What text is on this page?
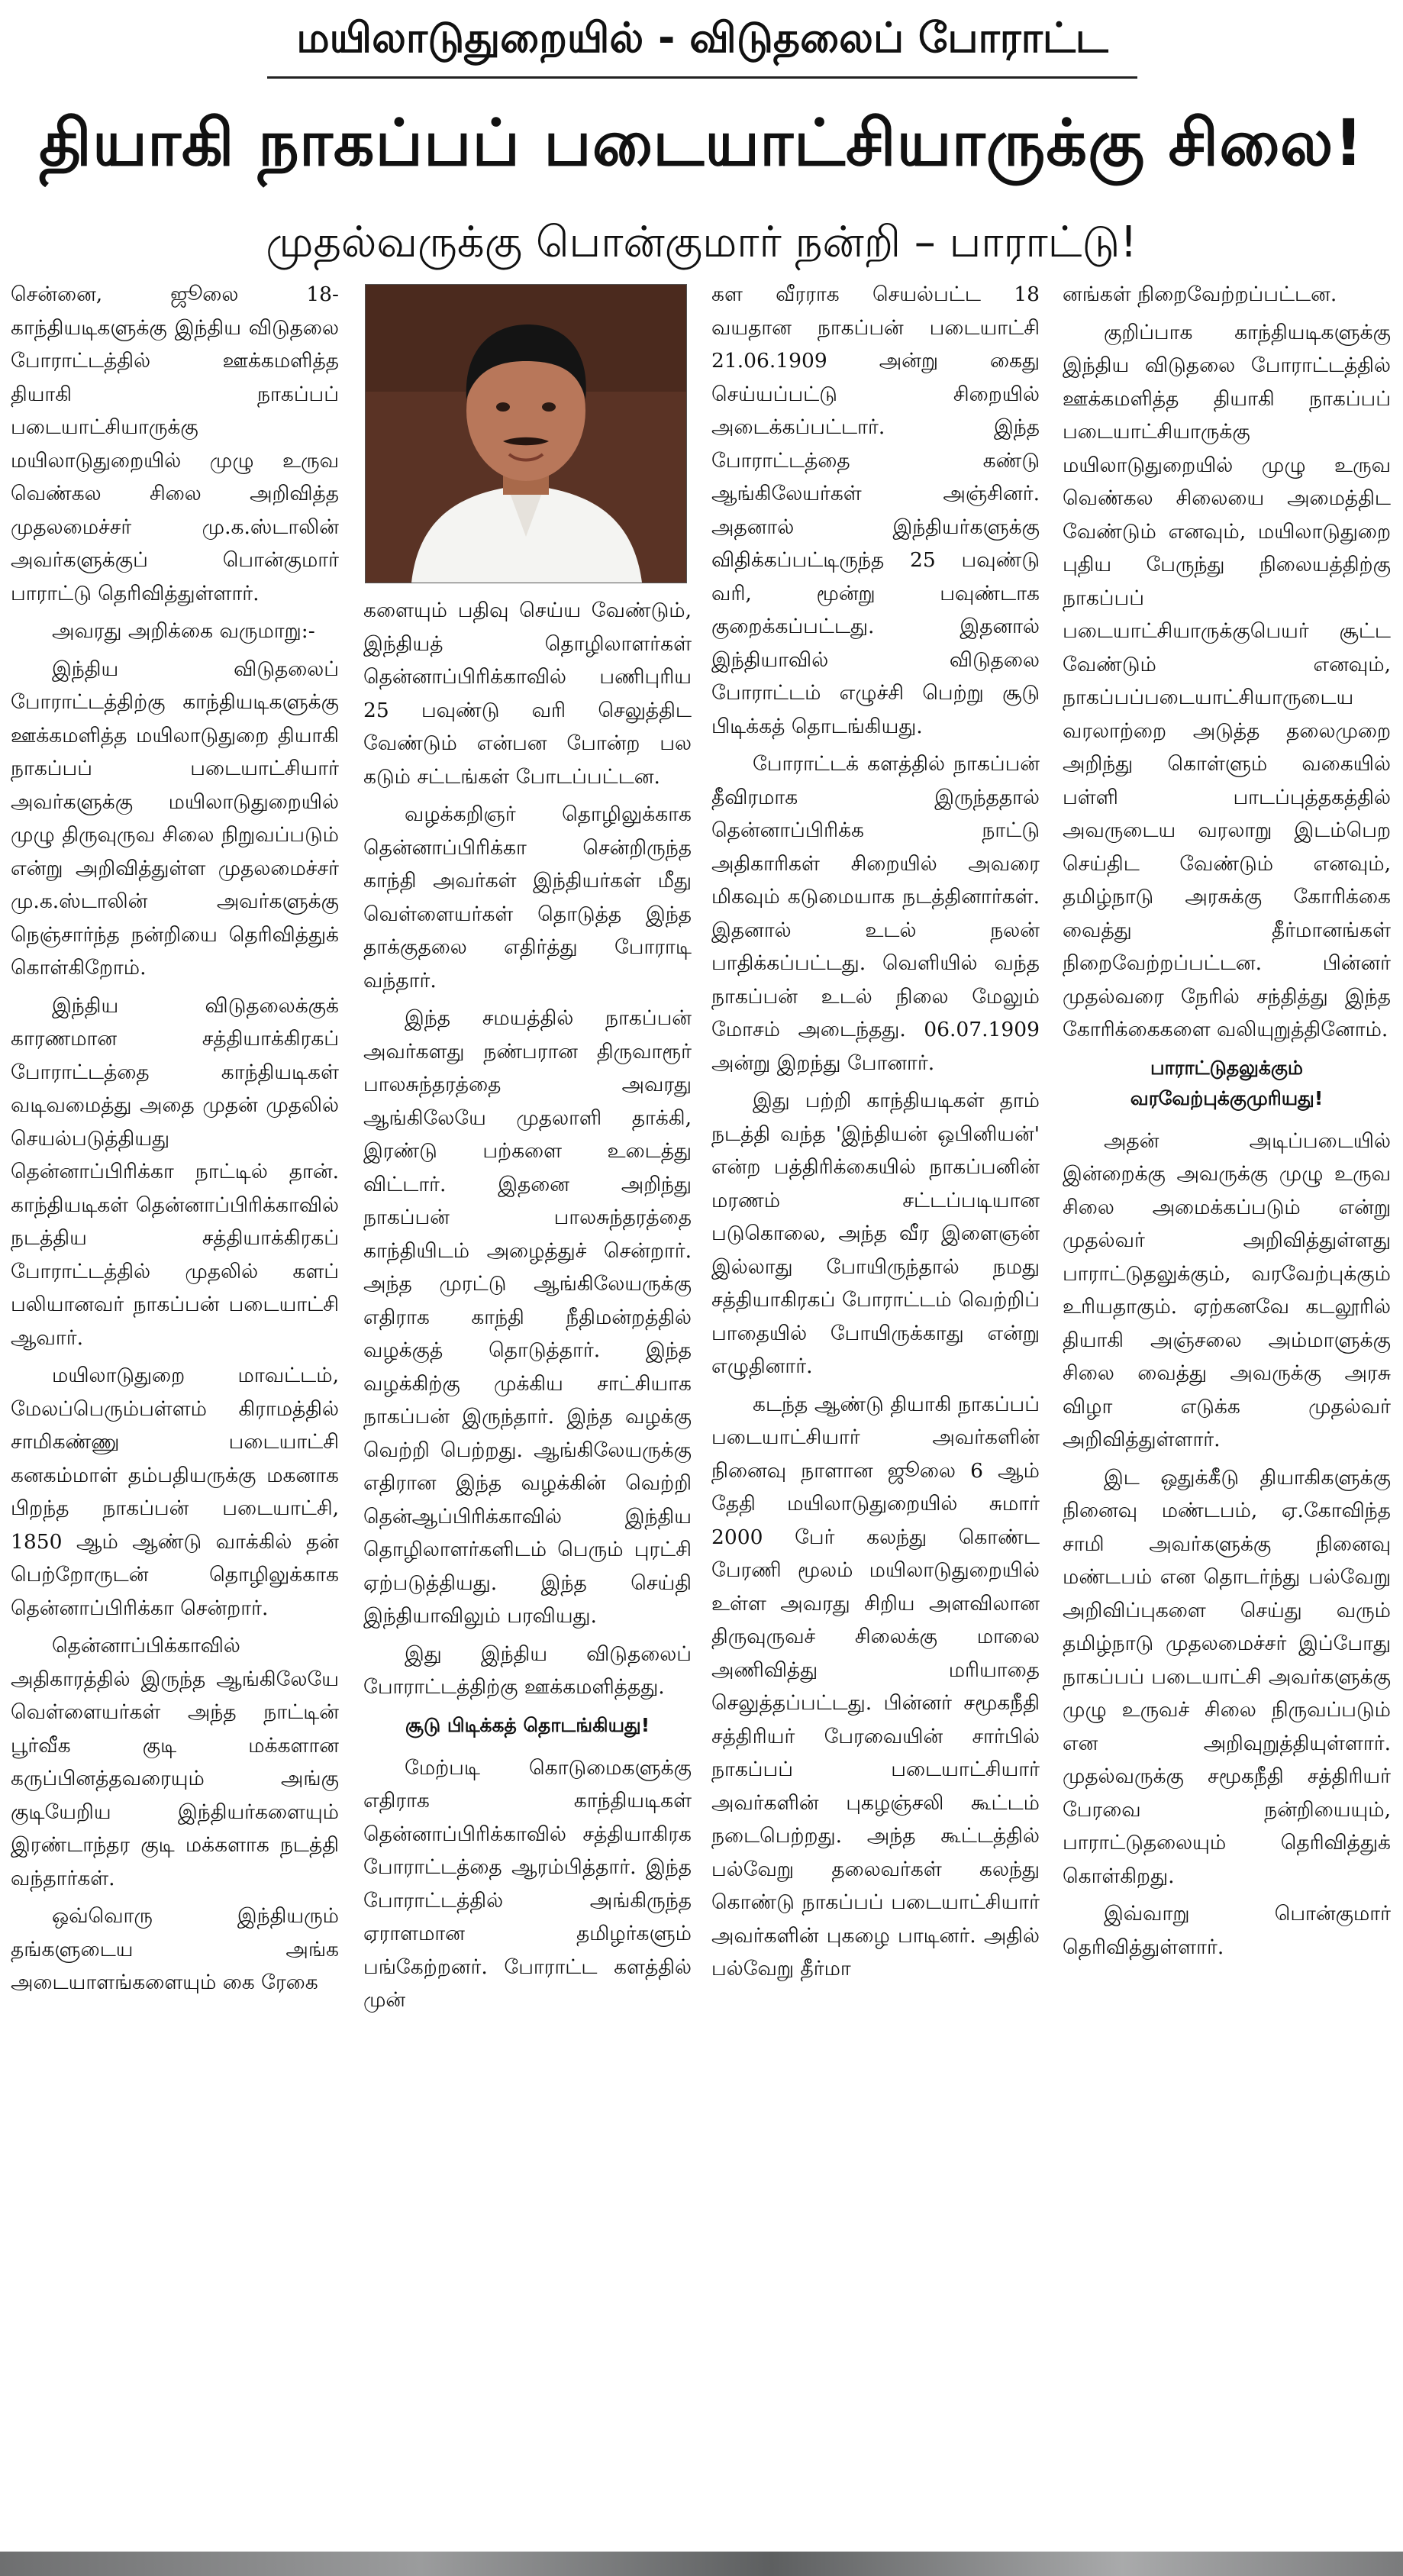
மயிலாடுதுறையில் - விடுதலைப் போராட்ட
தியாகி நாகப்பப் படையாட்சியாருக்கு சிலை!
முதல்வருக்கு பொன்குமார் நன்றி – பாராட்டு!

சென்னை, ஜூலை 18- காந்தியடிகளுக்கு இந்திய விடுதலை போராட்டத்தில் ஊக்கமளித்த தியாகி நாகப்பப் படையாட்சியாருக்கு மயிலாடுதுறையில் முழு உருவ வெண்கல சிலை அறிவித்த முதலமைச்சர் மு.க.ஸ்டாலின் அவர்களுக்குப் பொன்குமார் பாராட்டு தெரிவித்துள்ளார்.

அவரது அறிக்கை வருமாறு:-

இந்திய விடுதலைப் போராட்டத்திற்கு காந்தியடிகளுக்கு ஊக்கமளித்த மயிலாடுதுறை தியாகி நாகப்பப் படையாட்சியார் அவர்களுக்கு மயிலாடுதுறையில் முழு திருவுருவ சிலை நிறுவப்படும் என்று அறிவித்துள்ள முதலமைச்சர் மு.க.ஸ்டாலின் அவர்களுக்கு நெஞ்சார்ந்த நன்றியை தெரிவித்துக் கொள்கிறோம்.

இந்திய விடுதலைக்குக் காரணமான சத்தியாக்கிரகப் போராட்டத்தை காந்தியடிகள் வடிவமைத்து அதை முதன் முதலில் செயல்படுத்தியது தென்னாப்பிரிக்கா நாட்டில் தான். காந்தியடிகள் தென்னாப்பிரிக்காவில் நடத்திய சத்தியாக்கிரகப் போராட்டத்தில் முதலில் களப் பலியானவர் நாகப்பன் படையாட்சி ஆவார்.

மயிலாடுதுறை மாவட்டம், மேலப்பெரும்பள்ளம் கிராமத்தில் சாமிகண்ணு படையாட்சி கனகம்மாள் தம்பதியருக்கு மகனாக பிறந்த நாகப்பன் படையாட்சி, 1850 ஆம் ஆண்டு வாக்கில் தன் பெற்றோருடன் தொழிலுக்காக தென்னாப்பிரிக்கா சென்றார்.

தென்னாப்பிக்காவில் அதிகாரத்தில் இருந்த ஆங்கிலேயே வெள்ளையர்கள் அந்த நாட்டின் பூர்வீக குடி மக்களான கருப்பினத்தவரையும் அங்கு குடியேறிய இந்தியர்களையும் இரண்டாந்தர குடி மக்களாக நடத்தி வந்தார்கள்.

ஒவ்வொரு இந்தியரும் தங்களுடைய அங்க அடையாளங்களையும் கை ரேகை

களையும் பதிவு செய்ய வேண்டும், இந்தியத் தொழிலாளர்கள் தென்னாப்பிரிக்காவில் பணிபுரிய 25 பவுண்டு வரி செலுத்திட வேண்டும் என்பன போன்ற பல கடும் சட்டங்கள் போடப்பட்டன.

வழக்கறிஞர் தொழிலுக்காக தென்னாப்பிரிக்கா சென்றிருந்த காந்தி அவர்கள் இந்தியர்கள் மீது வெள்ளையர்கள் தொடுத்த இந்த தாக்குதலை எதிர்த்து போராடி வந்தார்.

இந்த சமயத்தில் நாகப்பன் அவர்களது நண்பரான திருவாரூர் பாலசுந்தரத்தை அவரது ஆங்கிலேயே முதலாளி தாக்கி, இரண்டு பற்களை உடைத்து விட்டார். இதனை அறிந்து நாகப்பன் பாலசுந்தரத்தை காந்தியிடம் அழைத்துச் சென்றார். அந்த முரட்டு ஆங்கிலேயருக்கு எதிராக காந்தி நீதிமன்றத்தில் வழக்குத் தொடுத்தார். இந்த வழக்கிற்கு முக்கிய சாட்சியாக நாகப்பன் இருந்தார். இந்த வழக்கு வெற்றி பெற்றது. ஆங்கிலேயருக்கு எதிரான இந்த வழக்கின் வெற்றி தென்ஆப்பிரிக்காவில் இந்திய தொழிலாளர்களிடம் பெரும் புரட்சி ஏற்படுத்தியது. இந்த செய்தி இந்தியாவிலும் பரவியது.

இது இந்திய விடுதலைப் போராட்டத்திற்கு ஊக்கமளித்தது.

சூடு பிடிக்கத் தொடங்கியது!

மேற்படி கொடுமைகளுக்கு எதிராக காந்தியடிகள் தென்னாப்பிரிக்காவில் சத்தியாகிரக போராட்டத்தை ஆரம்பித்தார். இந்த போராட்டத்தில் அங்கிருந்த ஏராளமான தமிழர்களும் பங்கேற்றனர். போராட்ட களத்தில் முன்

கள வீரராக செயல்பட்ட 18 வயதான நாகப்பன் படையாட்சி 21.06.1909 அன்று கைது செய்யப்பட்டு சிறையில் அடைக்கப்பட்டார். இந்த போராட்டத்தை கண்டு ஆங்கிலேயர்கள் அஞ்சினர். அதனால் இந்தியர்களுக்கு விதிக்கப்பட்டிருந்த 25 பவுண்டு வரி, மூன்று பவுண்டாக குறைக்கப்பட்டது. இதனால் இந்தியாவில் விடுதலை போராட்டம் எழுச்சி பெற்று சூடு பிடிக்கத் தொடங்கியது.

போராட்டக் களத்தில் நாகப்பன் தீவிரமாக இருந்ததால் தென்னாப்பிரிக்க நாட்டு அதிகாரிகள் சிறையில் அவரை மிகவும் கடுமையாக நடத்தினார்கள். இதனால் உடல் நலன் பாதிக்கப்பட்டது. வெளியில் வந்த நாகப்பன் உடல் நிலை மேலும் மோசம் அடைந்தது. 06.07.1909 அன்று இறந்து போனார்.

இது பற்றி காந்தியடிகள் தாம் நடத்தி வந்த 'இந்தியன் ஒபினியன்' என்ற பத்திரிக்கையில் நாகப்பனின் மரணம் சட்டப்படியான படுகொலை, அந்த வீர இளைஞன் இல்லாது போயிருந்தால் நமது சத்தியாகிரகப் போராட்டம் வெற்றிப் பாதையில் போயிருக்காது என்று எழுதினார்.

கடந்த ஆண்டு தியாகி நாகப்பப் படையாட்சியார் அவர்களின் நினைவு நாளான ஜூலை 6 ஆம் தேதி மயிலாடுதுறையில் சுமார் 2000 பேர் கலந்து கொண்ட பேரணி மூலம் மயிலாடுதுறையில் உள்ள அவரது சிறிய அளவிலான திருவுருவச் சிலைக்கு மாலை அணிவித்து மரியாதை செலுத்தப்பட்டது. பின்னர் சமூகநீதி சத்திரியர் பேரவையின் சார்பில் நாகப்பப் படையாட்சியார் அவர்களின் புகழஞ்சலி கூட்டம் நடைபெற்றது. அந்த கூட்டத்தில் பல்வேறு தலைவர்கள் கலந்து கொண்டு நாகப்பப் படையாட்சியார் அவர்களின் புகழை பாடினர். அதில் பல்வேறு தீர்மா

னங்கள் நிறைவேற்றப்பட்டன.

குறிப்பாக காந்தியடிகளுக்கு இந்திய விடுதலை போராட்டத்தில் ஊக்கமளித்த தியாகி நாகப்பப் படையாட்சியாருக்கு மயிலாடுதுறையில் முழு உருவ வெண்கல சிலையை அமைத்திட வேண்டும் எனவும், மயிலாடுதுறை புதிய பேருந்து நிலையத்திற்கு நாகப்பப் படையாட்சியாருக்குபெயர் சூட்ட வேண்டும் எனவும், நாகப்பப்படையாட்சியாருடைய வரலாற்றை அடுத்த தலைமுறை அறிந்து கொள்ளும் வகையில் பள்ளி பாடப்புத்தகத்தில் அவருடைய வரலாறு இடம்பெற செய்திட வேண்டும் எனவும், தமிழ்நாடு அரசுக்கு கோரிக்கை வைத்து தீர்மானங்கள் நிறைவேற்றப்பட்டன. பின்னர் முதல்வரை நேரில் சந்தித்து இந்த கோரிக்கைகளை வலியுறுத்தினோம்.

பாராட்டுதலுக்கும் வரவேற்புக்குமுரியது!

அதன் அடிப்படையில் இன்றைக்கு அவருக்கு முழு உருவ சிலை அமைக்கப்படும் என்று முதல்வர் அறிவித்துள்ளது பாராட்டுதலுக்கும், வரவேற்புக்கும் உரியதாகும். ஏற்கனவே கடலூரில் தியாகி அஞ்சலை அம்மாளுக்கு சிலை வைத்து அவருக்கு அரசு விழா எடுக்க முதல்வர் அறிவித்துள்ளார்.

இட ஒதுக்கீடு தியாகிகளுக்கு நினைவு மண்டபம், ஏ.கோவிந்த சாமி அவர்களுக்கு நினைவு மண்டபம் என தொடர்ந்து பல்வேறு அறிவிப்புகளை செய்து வரும் தமிழ்நாடு முதலமைச்சர் இப்போது நாகப்பப் படையாட்சி அவர்களுக்கு முழு உருவச் சிலை நிருவப்படும் என அறிவுறுத்தியுள்ளார். முதல்வருக்கு சமூகநீதி சத்திரியர் பேரவை நன்றியையும், பாராட்டுதலையும் தெரிவித்துக் கொள்கிறது.

இவ்வாறு பொன்குமார் தெரிவித்துள்ளார்.
